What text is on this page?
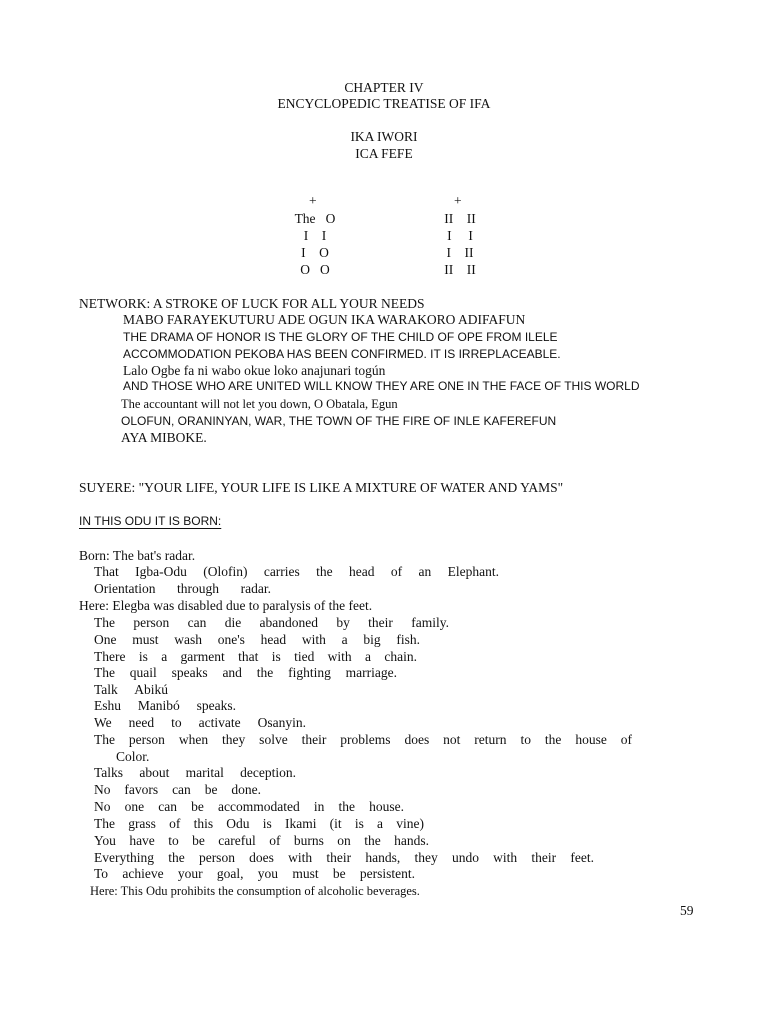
CHAPTER IV
ENCYCLOPEDIC TREATISE OF IFA
IKA IWORI
ICA FEFE
+	+
The   O
I    I
I    O
O   O
II    II
I     I
I    II
II    II
NETWORK: A STROKE OF LUCK FOR ALL YOUR NEEDS
MABO FARAYEKUTURU ADE OGUN IKA WARAKORO ADIFAFUN
THE DRAMA OF HONOR IS THE GLORY OF THE CHILD OF OPE FROM ILELE
ACCOMMODATION PEKOBA HAS BEEN CONFIRMED. IT IS IRREPLACEABLE.
Lalo Ogbe fa ni wabo okue loko anajunari togún
AND THOSE WHO ARE UNITED WILL KNOW THEY ARE ONE IN THE FACE OF THIS WORLD
The accountant will not let you down, O Obatala, Egun
OLOFUN, ORANINYAN, WAR, THE TOWN OF THE FIRE OF INLE KAFEREFUN
AYA MIBOKE.
SUYERE: "YOUR LIFE, YOUR LIFE IS LIKE A MIXTURE OF WATER AND YAMS"
IN THIS ODU IT IS BORN:
Born: The bat's radar.
That Igba-Odu (Olofin) carries the head of an Elephant.
Orientation through radar.
Here: Elegba was disabled due to paralysis of the feet.
The person can die abandoned by their family.
One must wash one's head with a big fish.
There is a garment that is tied with a chain.
The quail speaks and the fighting marriage.
Talk Abikú
Eshu Manibó speaks.
We need to activate Osanyin.
The person when they solve their problems does not return to the house of
Color.
Talks about marital deception.
No favors can be done.
No one can be accommodated in the house.
The grass of this Odu is Ikami (it is a vine)
You have to be careful of burns on the hands.
Everything the person does with their hands, they undo with their feet.
To achieve your goal, you must be persistent.
Here: This Odu prohibits the consumption of alcoholic beverages.
59
